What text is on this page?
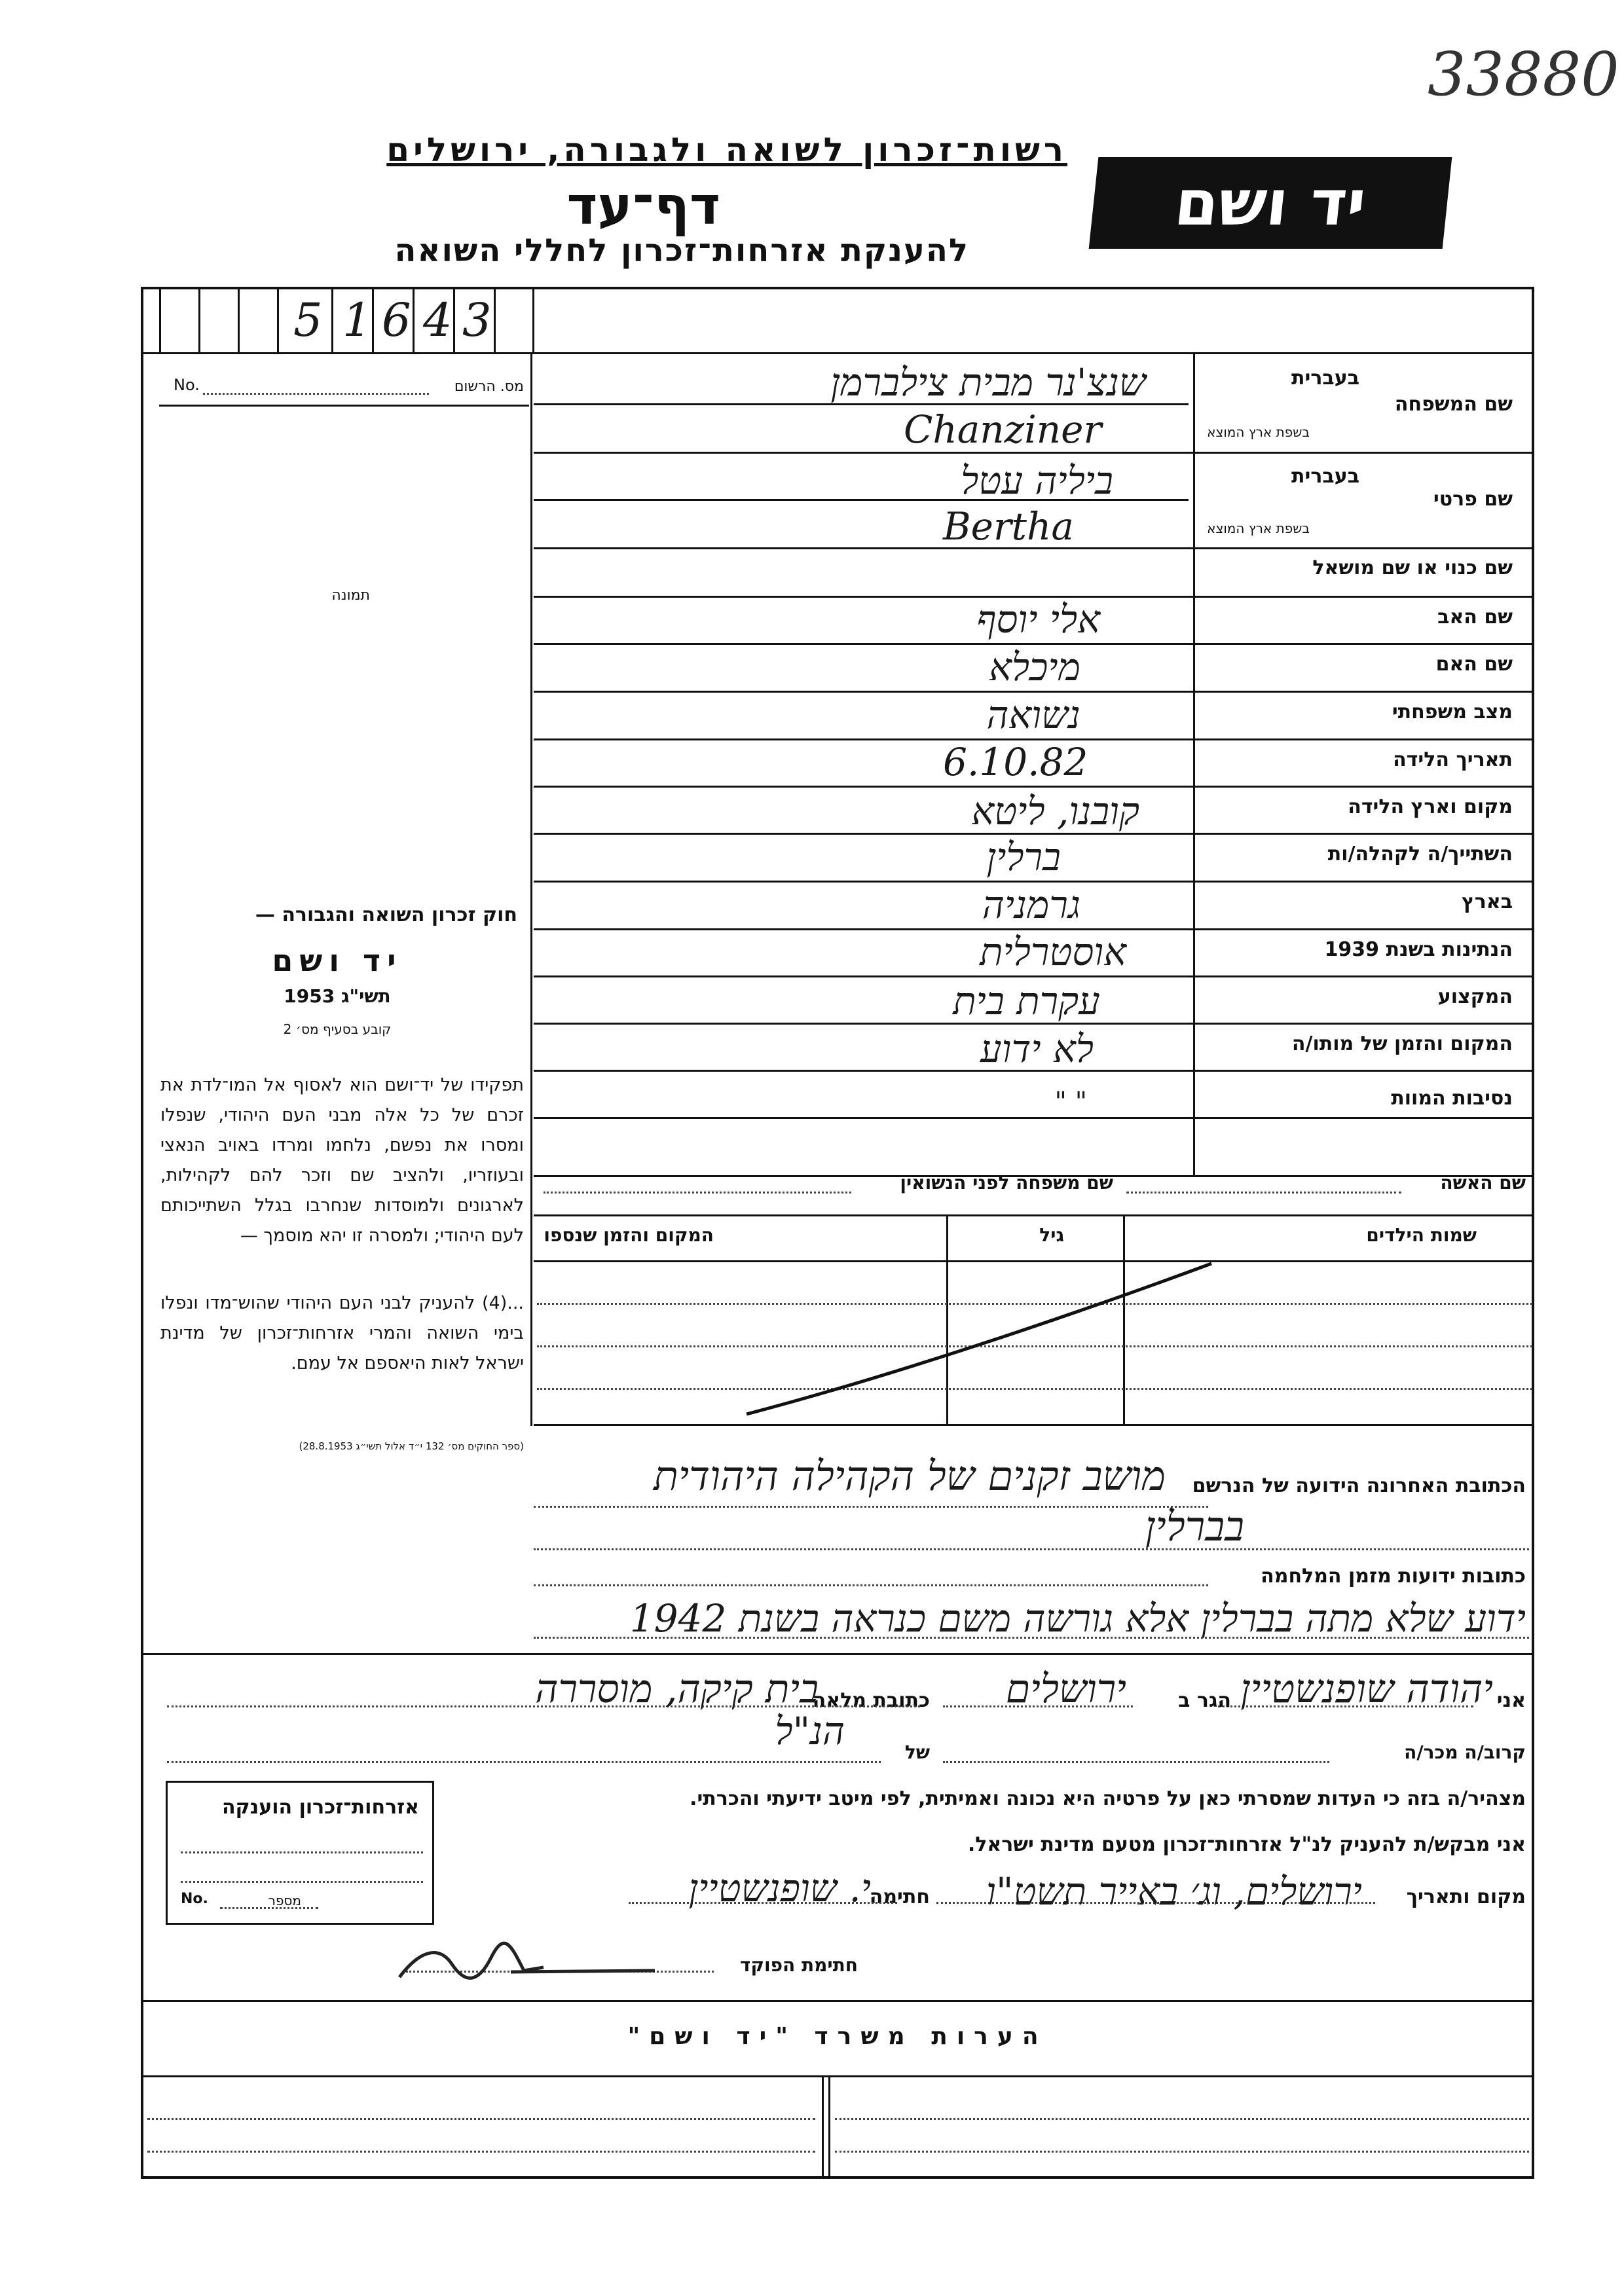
33880
רשות־זכרון לשואה ולגבורה, ירושלים
דף־עד
להענקת אזרחות־זכרון לחללי השואה
יד ושם
5 1 6 4 3
No.	מס. הרשום
תמונה
חוק זכרון השואה והגבורה —
יד ושם
תשי"ג 1953
קובע בסעיף מס׳ 2
תפקידו של יד־ושם הוא לאסוף אל המו־לדת את זכרם של כל אלה מבני העם היהודי, שנפלו ומסרו את נפשם, נלחמו ומרדו באויב הנאצי ובעוזריו, ולהציב שם וזכר להם לקהילות, לארגונים ולמוסדות שנחרבו בגלל השתייכותם לעם היהודי; ולמסרה זו יהא מוסמך —
...(4) להעניק לבני העם היהודי שהוש־מדו ונפלו בימי השואה והמרי אזרחות־זכרון של מדינת ישראל לאות היאספם אל עמם.
(ספר החוקים מס׳ 132 י״ד אלול תשי״ג 28.8.1953)
בעברית
בשפת ארץ המוצא
שם המשפחה
בעברית
בשפת ארץ המוצא
שם פרטי
שם כנוי או שם מושאל
שם האב
שם האם
מצב משפחתי
תאריך הלידה
מקום וארץ הלידה
השתייך/ה לקהלה/ות
בארץ
הנתינות בשנת 1939
המקצוע
המקום והזמן של מותו/ה
נסיבות המוות
שנצ'נר מבית צילברמן
Chanziner
ביליה עטל
Bertha
אלי יוסף
מיכלא
נשואה
6.10.82
קובנו, ליטא
ברלין
גרמניה
אוסטרלית
עקרת בית
לא ידוע
" "
שם האשה
שם משפחה לפני הנשואין
שמות הילדים
גיל
המקום והזמן שנספו
הכתובת האחרונה הידועה של הנרשם
מושב זקנים של הקהילה היהודית
בברלין
כתובות ידועות מזמן המלחמה
ידוע שלא מתה בברלין אלא גורשה משם כנראה בשנת 1942
אני
יהודה שופנשטיין
הגר ב
ירושלים
כתובת מלאה
בית קיקה, מוסררה
קרוב/ה מכר/ה
של
הנ"ל
מצהיר/ה בזה כי העדות שמסרתי כאן על פרטיה היא נכונה ואמיתית, לפי מיטב ידיעתי והכרתי.
אני מבקש/ת להעניק לנ"ל אזרחות־זכרון מטעם מדינת ישראל.
מקום ותאריך
ירושלים, וג׳ באייר תשט"ו
חתימה
י. שופנשטיין
חתימת הפוקד
אזרחות־זכרון הוענקה
No.	מספר
הערות משרד "יד ושם"
